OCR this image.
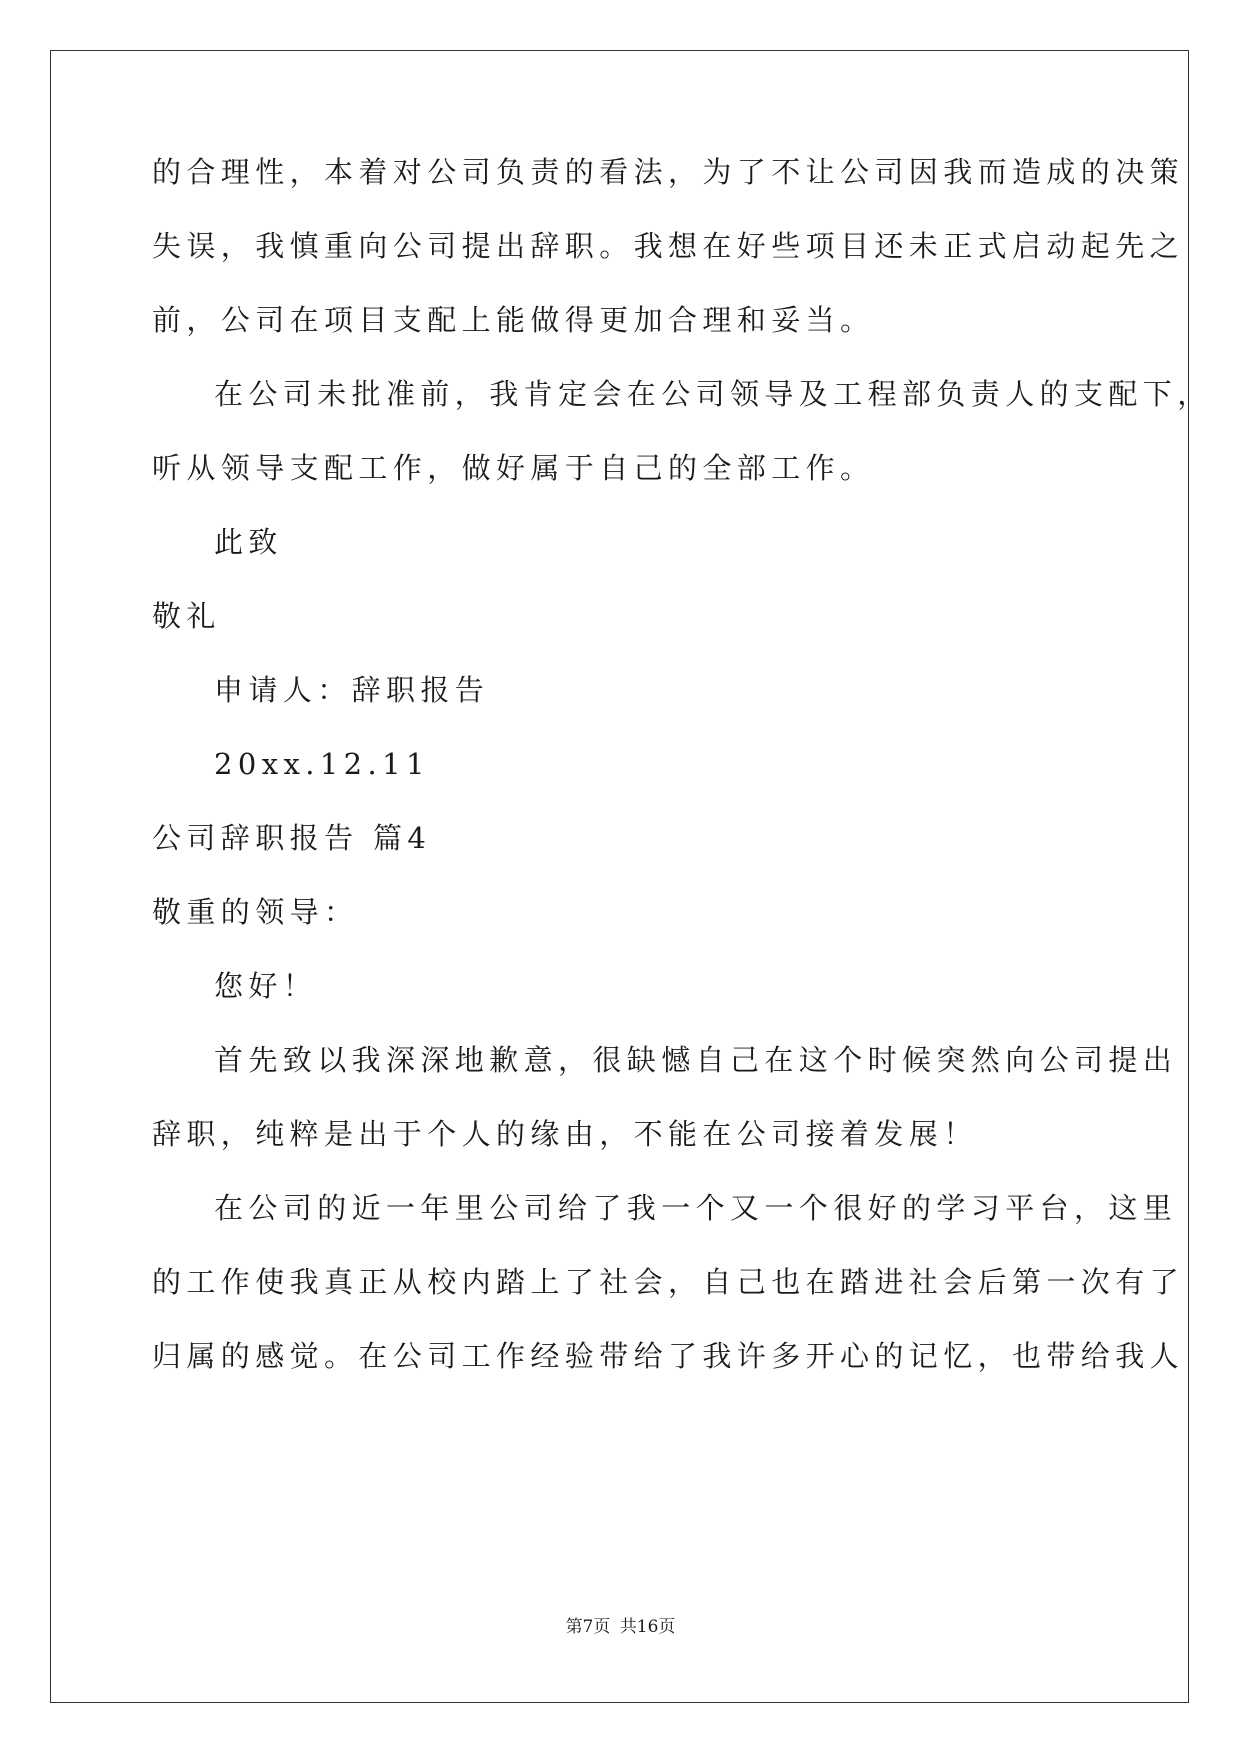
的合理性，本着对公司负责的看法，为了不让公司因我而造成的决策
失误，我慎重向公司提出辞职。我想在好些项目还未正式启动起先之
前，公司在项目支配上能做得更加合理和妥当。
在公司未批准前，我肯定会在公司领导及工程部负责人的支配下，
听从领导支配工作，做好属于自己的全部工作。
此致
敬礼
申请人：辞职报告
20xx.12.11
公司辞职报告 篇4
敬重的领导：
您好！
首先致以我深深地歉意，很缺憾自己在这个时候突然向公司提出
辞职，纯粹是出于个人的缘由，不能在公司接着发展！
在公司的近一年里公司给了我一个又一个很好的学习平台，这里
的工作使我真正从校内踏上了社会，自己也在踏进社会后第一次有了
归属的感觉。在公司工作经验带给了我许多开心的记忆，也带给我人
第7页 共16页
